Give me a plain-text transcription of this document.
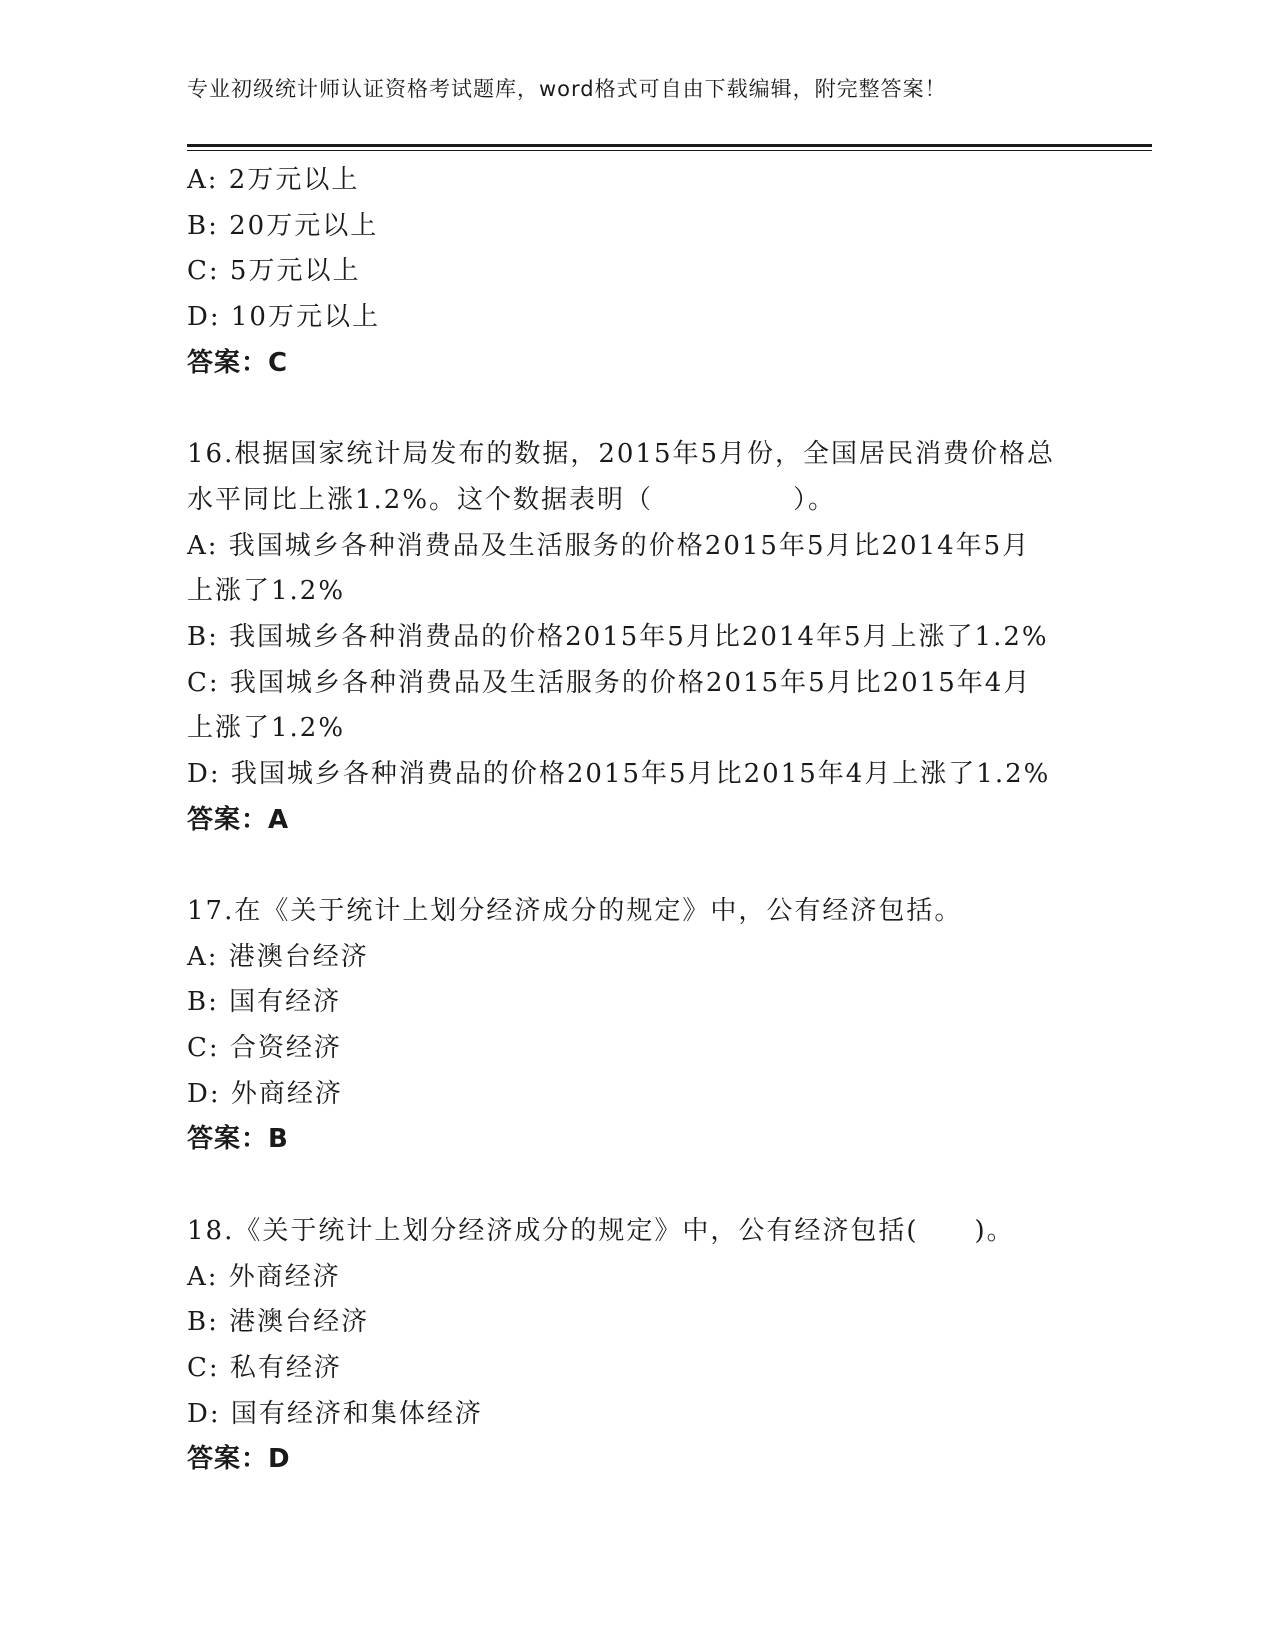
专业初级统计师认证资格考试题库，word格式可自由下载编辑，附完整答案！
A: 2万元以上
B: 20万元以上
C: 5万元以上
D: 10万元以上
答案：C
16.根据国家统计局发布的数据，2015年5月份，全国居民消费价格总
水平同比上涨1.2%。这个数据表明（　　　　　）。
A: 我国城乡各种消费品及生活服务的价格2015年5月比2014年5月
上涨了1.2%
B: 我国城乡各种消费品的价格2015年5月比2014年5月上涨了1.2%
C: 我国城乡各种消费品及生活服务的价格2015年5月比2015年4月
上涨了1.2%
D: 我国城乡各种消费品的价格2015年5月比2015年4月上涨了1.2%
答案：A
17.在《关于统计上划分经济成分的规定》中，公有经济包括。
A: 港澳台经济
B: 国有经济
C: 合资经济
D: 外商经济
答案：B
18.《关于统计上划分经济成分的规定》中，公有经济包括(　　)。
A: 外商经济
B: 港澳台经济
C: 私有经济
D: 国有经济和集体经济
答案：D
